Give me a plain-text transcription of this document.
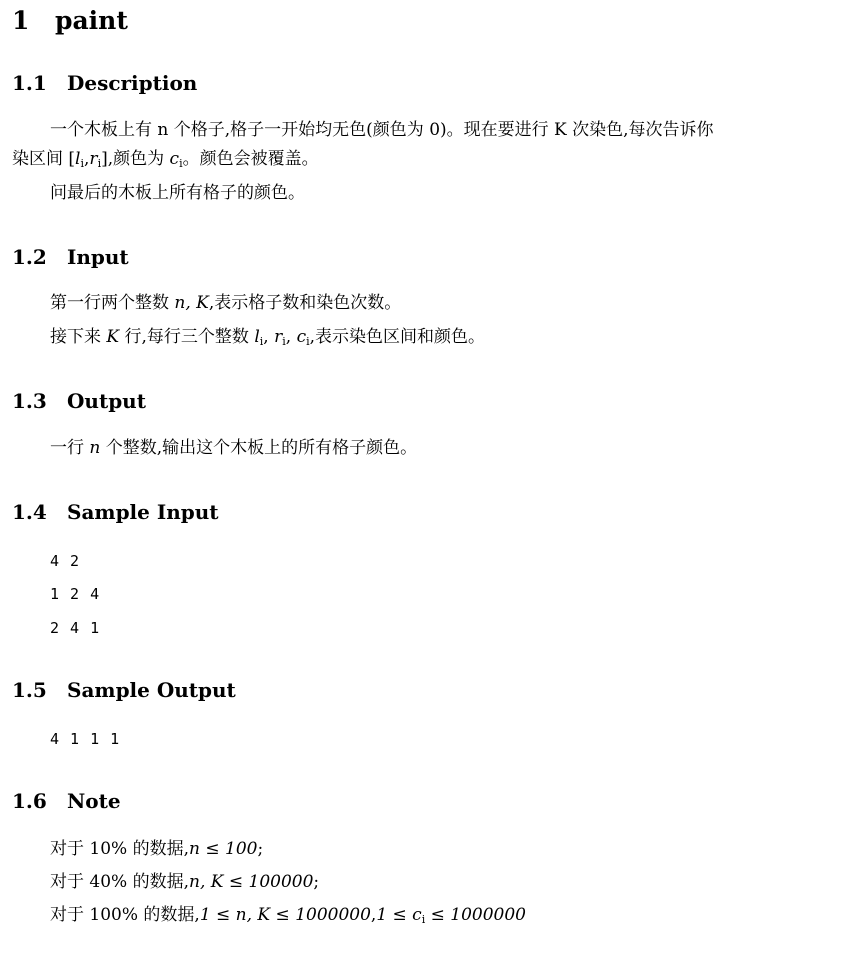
1 paint
1.1 Description
一个木板上有 n 个格子,格子一开始均无色(颜色为 0)。现在要进行 K 次染色,每次告诉你
染区间 $[l_i,r_i]$,颜色为 $c_i$。颜色会被覆盖。
问最后的木板上所有格子的颜色。
1.2 Input
第一行两个整数 n, K,表示格子数和染色次数。
接下来 K 行,每行三个整数 $l_i$, $r_i$, $c_i$,表示染色区间和颜色。
1.3 Output
一行 n 个整数,输出这个木板上的所有格子颜色。
1.4 Sample Input
4 2
1 2 4
2 4 1
1.5 Sample Output
4 1 1 1
1.6 Note
对于 10% 的数据,n ≤ 100;
对于 40% 的数据,n, K ≤ 100000;
对于 100% 的数据,1 ≤ n, $K \le 1000000,1 \le c_i \le 1000000$
